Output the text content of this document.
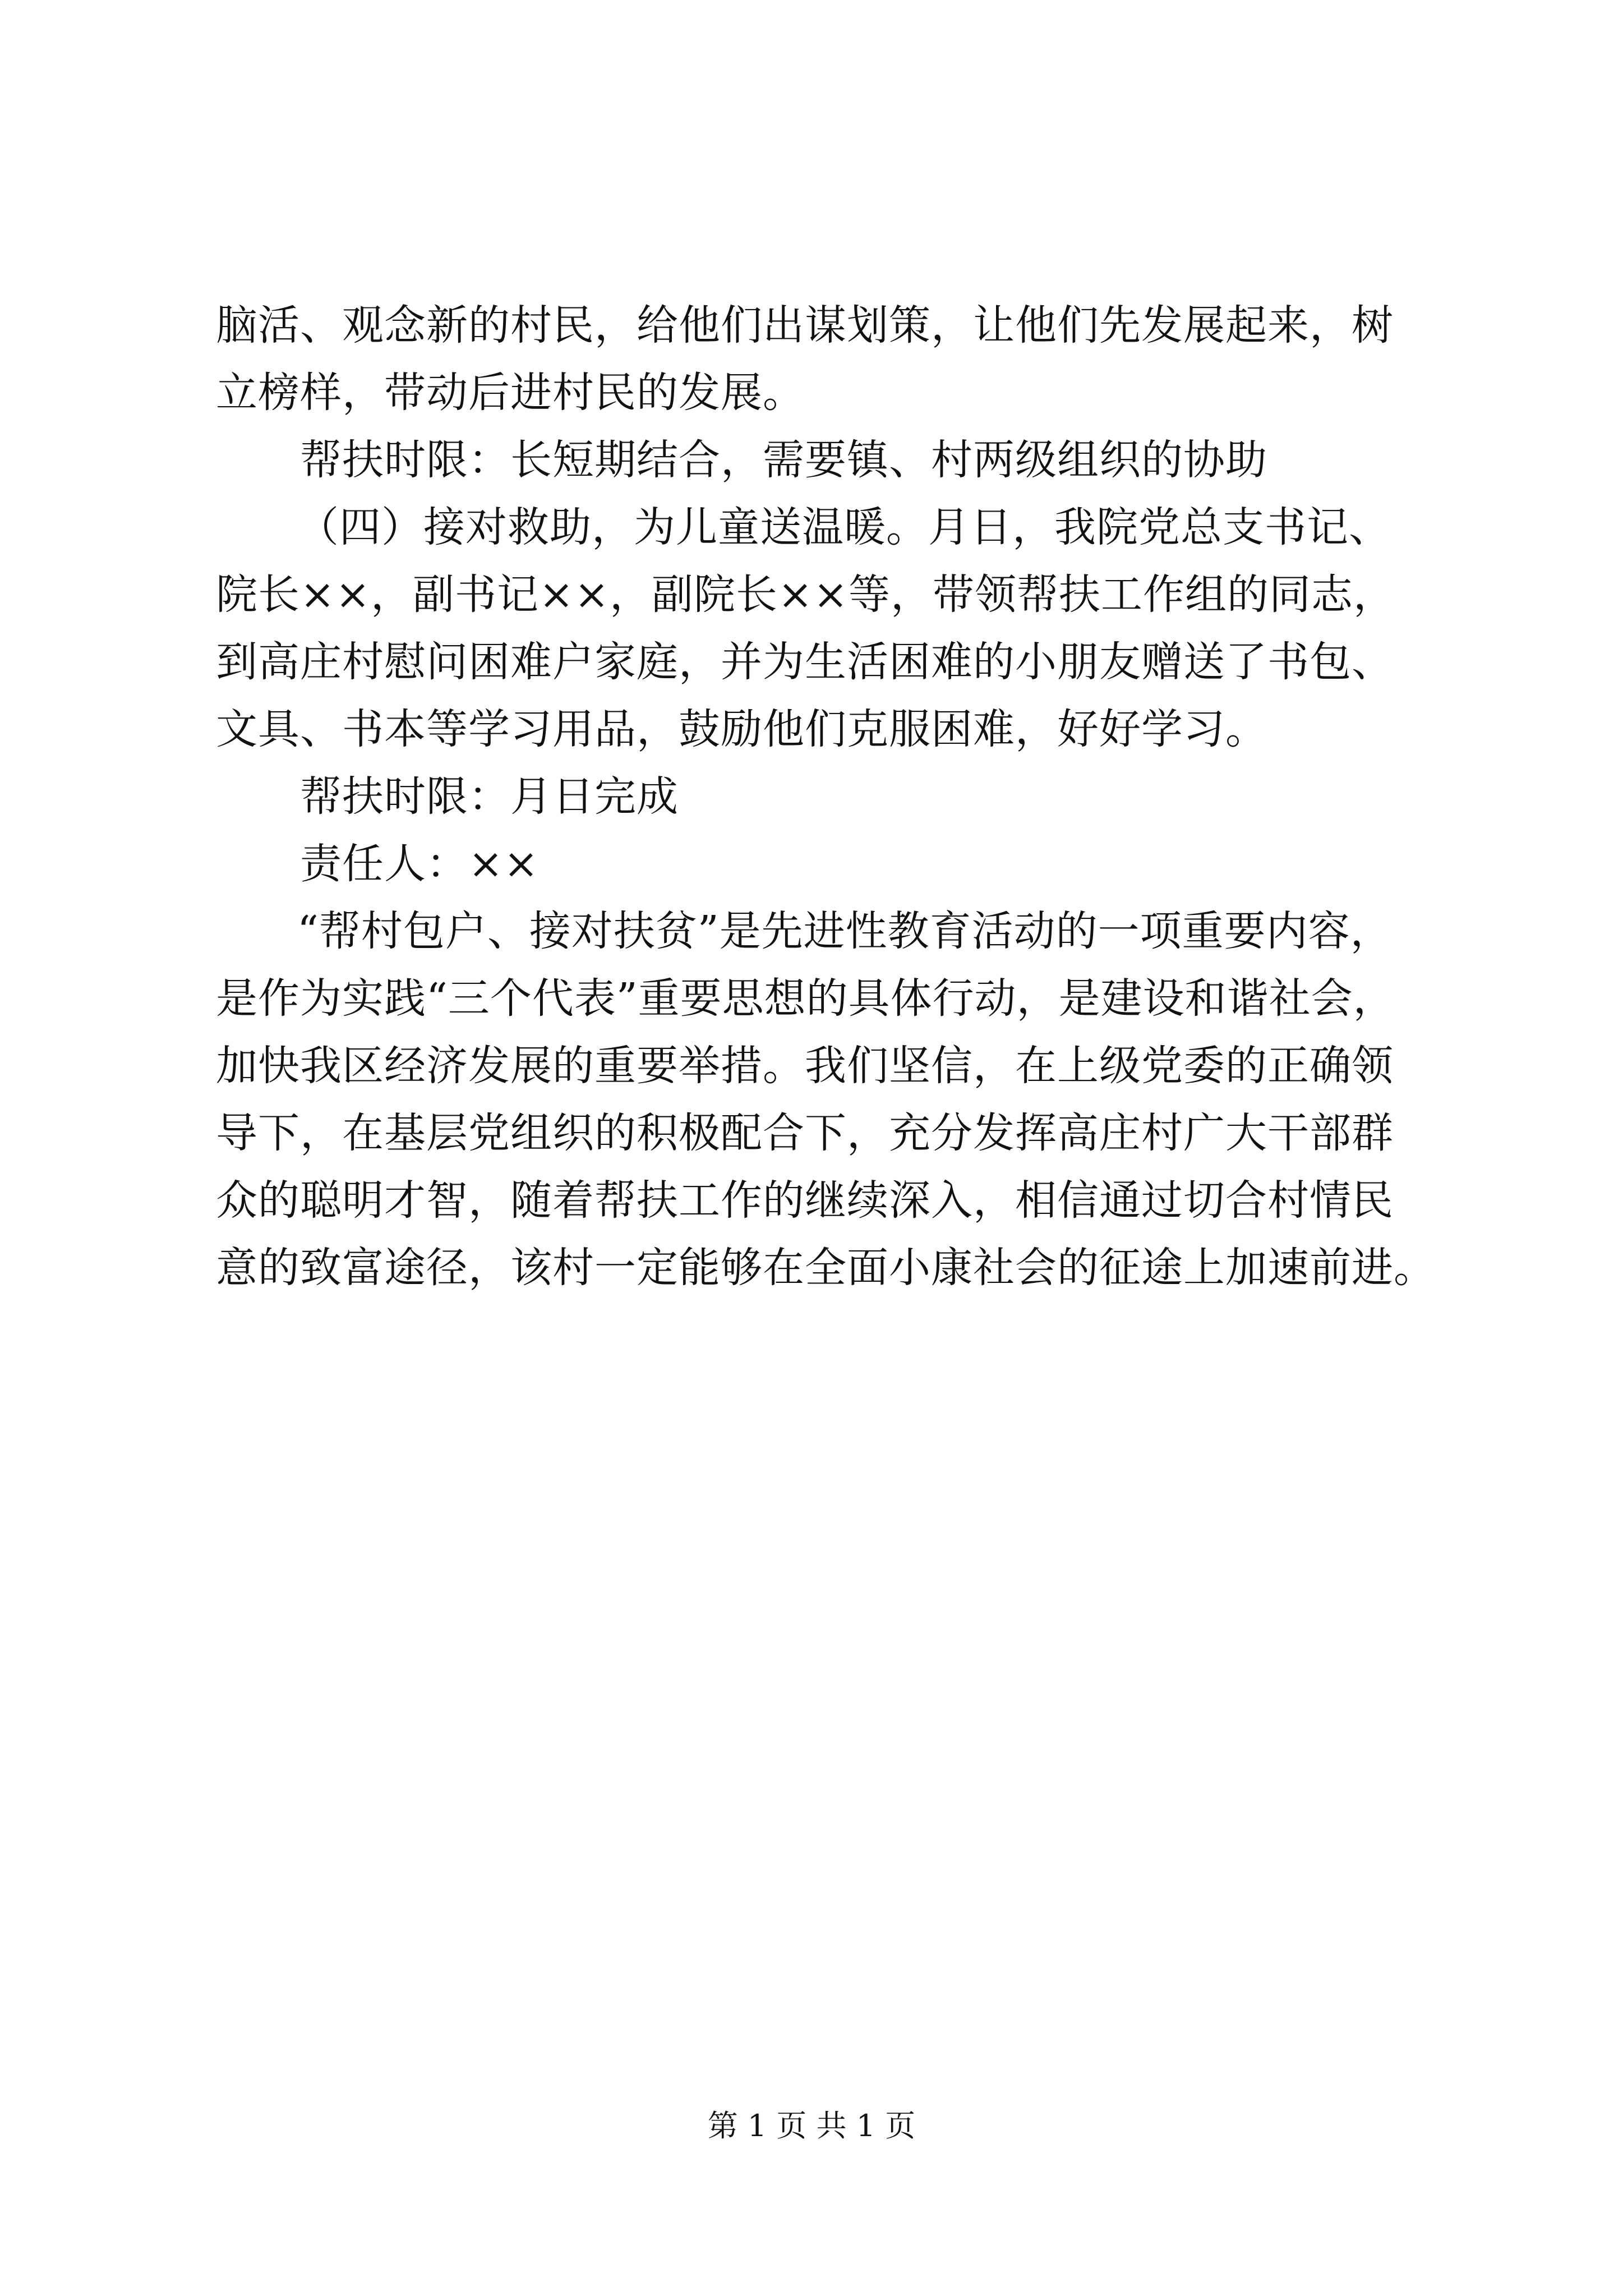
脑活、观念新的村民，给他们出谋划策，让他们先发展起来，树
立榜样，带动后进村民的发展。
帮扶时限：长短期结合，需要镇、村两级组织的协助
（四）接对救助，为儿童送温暖。月日，我院党总支书记、
院长××，副书记××，副院长××等，带领帮扶工作组的同志，
到高庄村慰问困难户家庭，并为生活困难的小朋友赠送了书包、
文具、书本等学习用品，鼓励他们克服困难，好好学习。
帮扶时限：月日完成
责任人：××
“帮村包户、接对扶贫”是先进性教育活动的一项重要内容，
是作为实践“三个代表”重要思想的具体行动，是建设和谐社会，
加快我区经济发展的重要举措。我们坚信，在上级党委的正确领
导下，在基层党组织的积极配合下，充分发挥高庄村广大干部群
众的聪明才智，随着帮扶工作的继续深入，相信通过切合村情民
意的致富途径，该村一定能够在全面小康社会的征途上加速前进。
第 1 页 共 1 页
